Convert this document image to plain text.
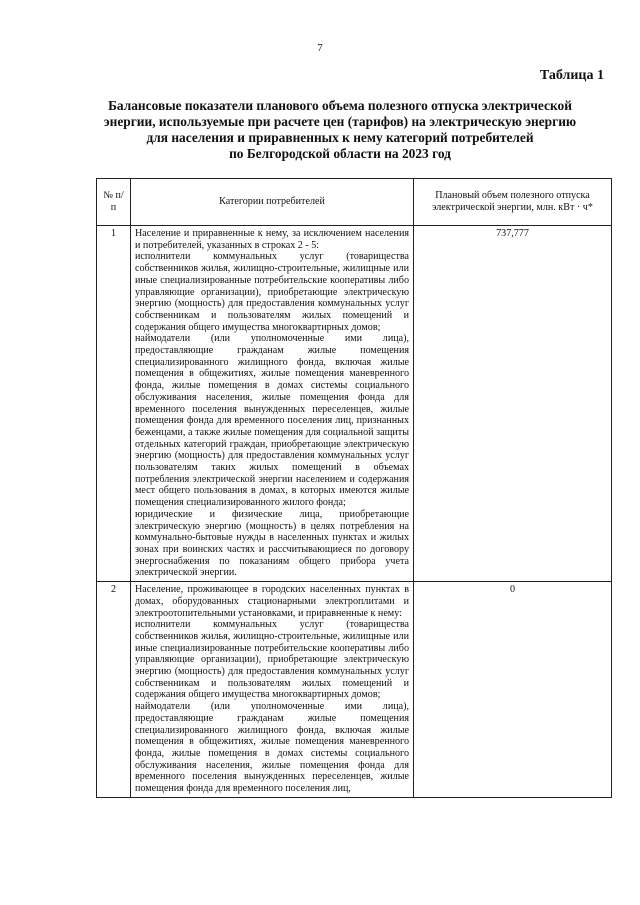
7
Таблица 1
Балансовые показатели планового объема полезного отпуска электрической
энергии, используемые при расчете цен (тарифов) на электрическую энергию
для населения и приравненных к нему категорий потребителей
по Белгородской области на 2023 год
№ п/п	Категории потребителей	Плановый объем полезного отпуска электрической энергии, млн. кВт · ч*
1	Население и приравненные к нему, за исключением населения и потребителей, указанных в строках 2 - 5:

исполнители коммунальных услуг (товарищества собственников жилья, жилищно-строительные, жилищные или иные специализированные потребительские кооперативы либо управляющие организации), приобретающие электрическую энергию (мощность) для предоставления коммунальных услуг собственникам и пользователям жилых помещений и содержания общего имущества многоквартирных домов;

наймодатели (или уполномоченные ими лица), предоставляющие гражданам жилые помещения специализированного жилищного фонда, включая жилые помещения в общежитиях, жилые помещения маневренного фонда, жилые помещения в домах системы социального обслуживания населения, жилые помещения фонда для временного поселения вынужденных переселенцев, жилые помещения фонда для временного поселения лиц, признанных беженцами, а также жилые помещения для социальной защиты отдельных категорий граждан, приобретающие электрическую энергию (мощность) для предоставления коммунальных услуг пользователям таких жилых помещений в объемах потребления электрической энергии населением и содержания мест общего пользования в домах, в которых имеются жилые помещения специализированного жилого фонда;

юридические и физические лица, приобретающие электрическую энергию (мощность) в целях потребления на коммунально-бытовые нужды в населенных пунктах и жилых зонах при воинских частях и рассчитывающиеся по договору энергоснабжения по показаниям общего прибора учета электрической энергии.	737,777
2	Население, проживающее в городских населенных пунктах в домах, оборудованных стационарными электроплитами и электроотопительными установками, и приравненные к нему:

исполнители коммунальных услуг (товарищества собственников жилья, жилищно-строительные, жилищные или иные специализированные потребительские кооперативы либо управляющие организации), приобретающие электрическую энергию (мощность) для предоставления коммунальных услуг собственникам и пользователям жилых помещений и содержания общего имущества многоквартирных домов;

наймодатели (или уполномоченные ими лица), предоставляющие гражданам жилые помещения специализированного жилищного фонда, включая жилые помещения в общежитиях, жилые помещения маневренного фонда, жилые помещения в домах системы социального обслуживания населения, жилые помещения фонда для временного поселения вынужденных переселенцев, жилые помещения фонда для временного поселения лиц,	0
